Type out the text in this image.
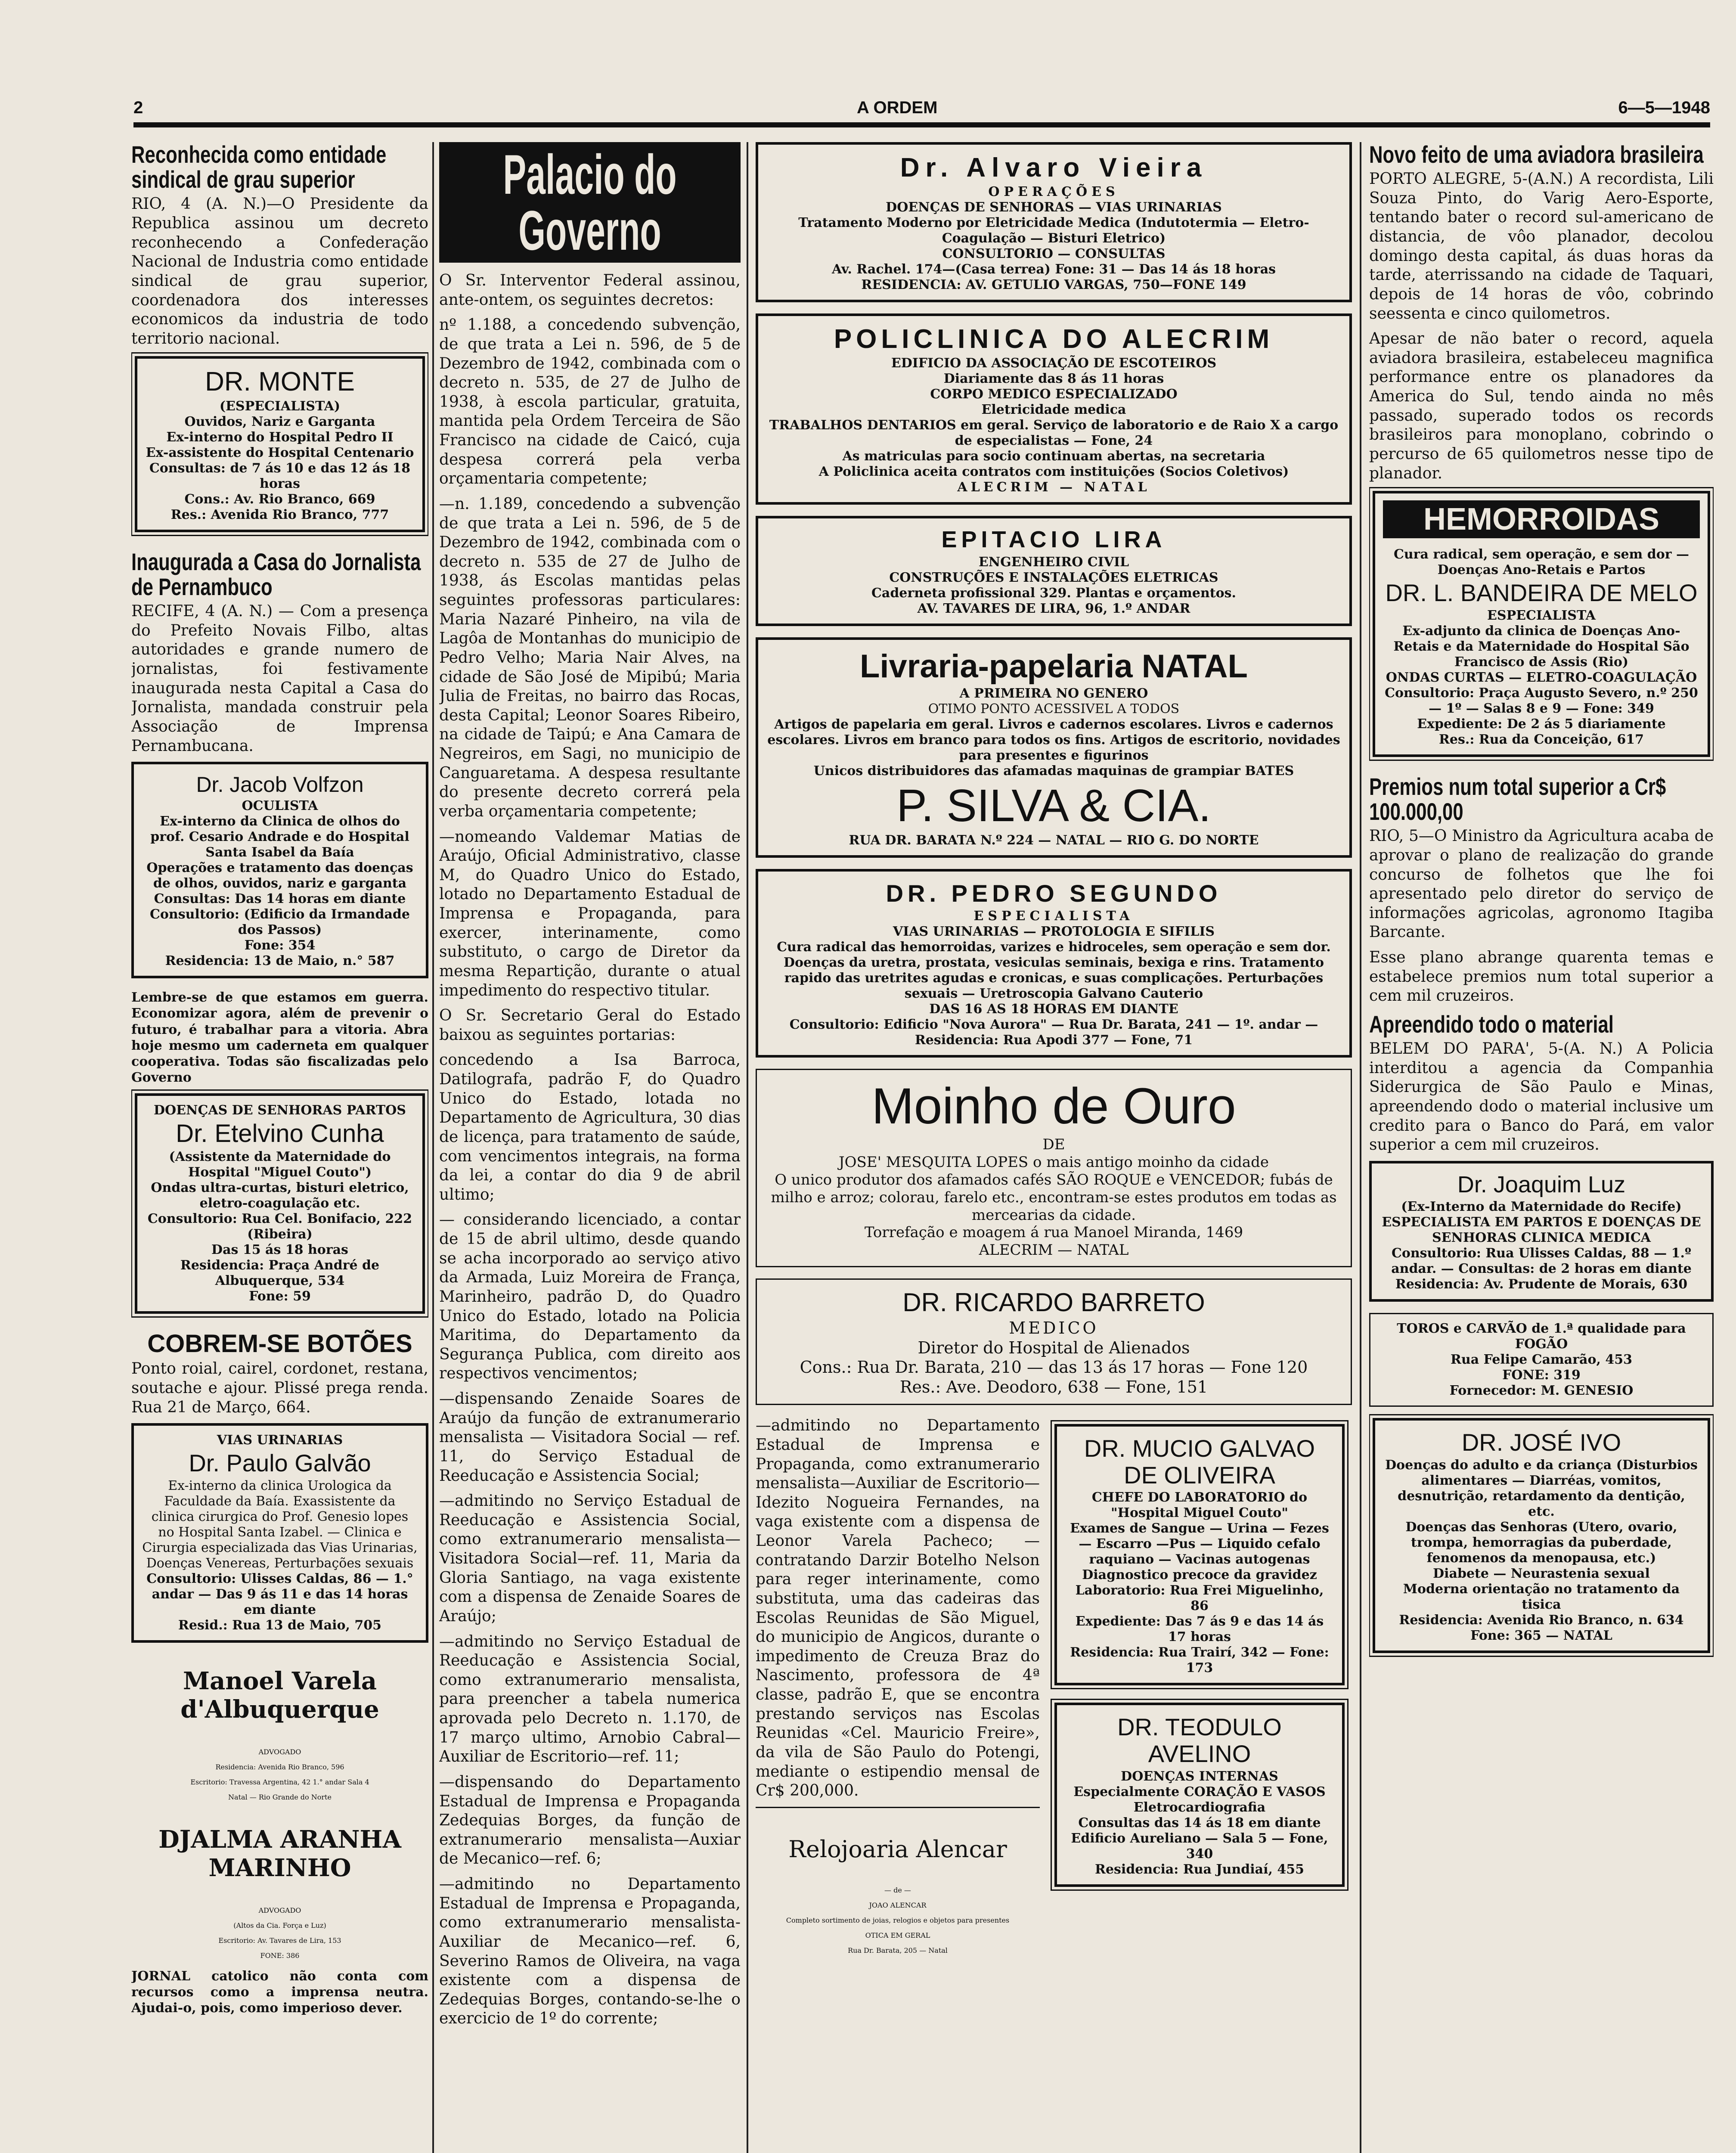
2	A ORDEM	6—5—1948

Reconhecida como entidade sindical de grau superior

RIO, 4 (A. N.)—O Presidente da Republica assinou um decreto reconhecendo a Confederação Nacional de Industria como entidade sindical de grau superior, coordenadora dos interesses economicos da industria de todo territorio nacional.

DR. MONTE

(ESPECIALISTA)

Ouvidos, Nariz e Garganta

Ex-interno do Hospital Pedro II

Ex-assistente do Hospital Centenario

Consultas: de 7 ás 10 e das 12 ás 18 horas

Cons.: Av. Rio Branco, 669

Res.: Avenida Rio Branco, 777

Inaugurada a Casa do Jornalista de Pernambuco

RECIFE, 4 (A. N.) — Com a presença do Prefeito Novais Filbo, altas autoridades e grande numero de jornalistas, foi festivamente inaugurada nesta Capital a Casa do Jornalista, mandada construir pela Associação de Imprensa Pernambucana.

Dr. Jacob Volfzon

OCULISTA

Ex-interno da Clinica de olhos do prof. Cesario Andrade e do Hospital Santa Isabel da Baía

Operações e tratamento das doenças de olhos, ouvidos, nariz e garganta

Consultas: Das 14 horas em diante

Consultorio: (Edificio da Irmandade dos Passos)

Fone: 354

Residencia: 13 de Maio, n.° 587

Lembre-se de que estamos em guerra. Economizar agora, além de prevenir o futuro, é trabalhar para a vitoria. Abra hoje mesmo um caderneta em qualquer cooperativa. Todas são fiscalizadas pelo Governo

DOENÇAS DE SENHORAS PARTOS

Dr. Etelvino Cunha

(Assistente da Maternidade do Hospital "Miguel Couto")

Ondas ultra-curtas, bisturi eletrico, eletro-coagulação etc.

Consultorio: Rua Cel. Bonifacio, 222 (Ribeira)

Das 15 ás 18 horas

Residencia: Praça André de Albuquerque, 534

Fone: 59

COBREM-SE BOTÕES

Ponto roial, cairel, cordonet, restana, soutache e ajour. Plissé prega renda. Rua 21 de Março, 664.

VIAS URINARIAS

Dr. Paulo Galvão

Ex-interno da clinica Urologica da Faculdade da Baía. Exassistente da clinica cirurgica do Prof. Genesio lopes no Hospital Santa Izabel. — Clinica e Cirurgia especializada das Vias Urinarias, Doenças Venereas, Perturbações sexuais

Consultorio: Ulisses Caldas, 86 — 1.° andar — Das 9 ás 11 e das 14 horas em diante

Resid.: Rua 13 de Maio, 705

Manoel Varela d'Albuquerque

ADVOGADO

Residencia: Avenida Rio Branco, 596

Escritorio: Travessa Argentina, 42 1.° andar Sala 4

Natal — Rio Grande do Norte

DJALMA ARANHA MARINHO

ADVOGADO

(Altos da Cia. Força e Luz)

Escritorio: Av. Tavares de Lira, 153

FONE: 386

JORNAL catolico não conta com recursos como a imprensa neutra. Ajudai-o, pois, como imperioso dever.

Palacio do Governo

O Sr. Interventor Federal assinou, ante-ontem, os seguintes decretos:

nº 1.188, a concedendo subvenção, de que trata a Lei n. 596, de 5 de Dezembro de 1942, combinada com o decreto n. 535, de 27 de Julho de 1938, à escola particular, gratuita, mantida pela Ordem Terceira de São Francisco na cidade de Caicó, cuja despesa correrá pela verba orçamentaria competente;

—n. 1.189, concedendo a subvenção de que trata a Lei n. 596, de 5 de Dezembro de 1942, combinada com o decreto n. 535 de 27 de Julho de 1938, ás Escolas mantidas pelas seguintes professoras particulares: Maria Nazaré Pinheiro, na vila de Lagôa de Montanhas do municipio de Pedro Velho; Maria Nair Alves, na cidade de São José de Mipibú; Maria Julia de Freitas, no bairro das Rocas, desta Capital; Leonor Soares Ribeiro, na cidade de Taipú; e Ana Camara de Negreiros, em Sagi, no municipio de Canguaretama. A despesa resultante do presente decreto correrá pela verba orçamentaria competente;

—nomeando Valdemar Matias de Araújo, Oficial Administrativo, classe M, do Quadro Unico do Estado, lotado no Departamento Estadual de Imprensa e Propaganda, para exercer, interinamente, como substituto, o cargo de Diretor da mesma Repartição, durante o atual impedimento do respectivo titular.

O Sr. Secretario Geral do Estado baixou as seguintes portarias:

concedendo a Isa Barroca, Datilografa, padrão F, do Quadro Unico do Estado, lotada no Departamento de Agricultura, 30 dias de licença, para tratamento de saúde, com vencimentos integrais, na forma da lei, a contar do dia 9 de abril ultimo;

— considerando licenciado, a contar de 15 de abril ultimo, desde quando se acha incorporado ao serviço ativo da Armada, Luiz Moreira de França, Marinheiro, padrão D, do Quadro Unico do Estado, lotado na Policia Maritima, do Departamento da Segurança Publica, com direito aos respectivos vencimentos;

—dispensando Zenaide Soares de Araújo da função de extranumerario mensalista — Visitadora Social — ref. 11, do Serviço Estadual de Reeducação e Assistencia Social;

—admitindo no Serviço Estadual de Reeducação e Assistencia Social, como extranumerario mensalista—Visitadora Social—ref. 11, Maria da Gloria Santiago, na vaga existente com a dispensa de Zenaide Soares de Araújo;

—admitindo no Serviço Estadual de Reeducação e Assistencia Social, como extranumerario mensalista, para preencher a tabela numerica aprovada pelo Decreto n. 1.170, de 17 março ultimo, Arnobio Cabral—Auxiliar de Escritorio—ref. 11;

—dispensando do Departamento Estadual de Imprensa e Propaganda Zedequias Borges, da função de extranumerario mensalista—Auxiar de Mecanico—ref. 6;

—admitindo no Departamento Estadual de Imprensa e Propaganda, como extranumerario mensalista- Auxiliar de Mecanico—ref. 6, Severino Ramos de Oliveira, na vaga existente com a dispensa de Zedequias Borges, contando-se-lhe o exercicio de 1º do corrente;

Dr. Alvaro Vieira

OPERAÇÕES

DOENÇAS DE SENHORAS — VIAS URINARIAS

Tratamento Moderno por Eletricidade Medica (Indutotermia — Eletro-Coagulação — Bisturi Eletrico)

CONSULTORIO — CONSULTAS

Av. Rachel. 174—(Casa terrea) Fone: 31 — Das 14 ás 18 horas

RESIDENCIA: AV. GETULIO VARGAS, 750—FONE 149

POLICLINICA DO ALECRIM

EDIFICIO DA ASSOCIAÇÃO DE ESCOTEIROS

Diariamente das 8 ás 11 horas

CORPO MEDICO ESPECIALIZADO

Eletricidade medica

TRABALHOS DENTARIOS em geral. Serviço de laboratorio e de Raio X a cargo de especialistas — Fone, 24

As matriculas para socio continuam abertas, na secretaria

A Policlinica aceita contratos com instituições (Socios Coletivos)

ALECRIM — NATAL

EPITACIO LIRA

ENGENHEIRO CIVIL

CONSTRUÇÕES E INSTALAÇÕES ELETRICAS

Caderneta profissional 329. Plantas e orçamentos.

AV. TAVARES DE LIRA, 96, 1.º ANDAR

Livraria-papelaria NATAL

A PRIMEIRA NO GENERO

OTIMO PONTO ACESSIVEL A TODOS

Artigos de papelaria em geral. Livros e cadernos escolares. Livros e cadernos escolares. Livros em branco para todos os fins. Artigos de escritorio, novidades para presentes e figurinos

Unicos distribuidores das afamadas maquinas de grampiar BATES

P. SILVA & CIA.

RUA DR. BARATA N.º 224 — NATAL — RIO G. DO NORTE

DR. PEDRO SEGUNDO

ESPECIALISTA

VIAS URINARIAS — PROTOLOGIA E SIFILIS

Cura radical das hemorroidas, varizes e hidroceles, sem operação e sem dor. Doenças da uretra, prostata, vesiculas seminais, bexiga e rins. Tratamento rapido das uretrites agudas e cronicas, e suas complicações. Perturbações sexuais — Uretroscopia Galvano Cauterio

DAS 16 AS 18 HORAS EM DIANTE

Consultorio: Edificio "Nova Aurora" — Rua Dr. Barata, 241 — 1º. andar — Residencia: Rua Apodi 377 — Fone, 71

Moinho de Ouro

DE

JOSE' MESQUITA LOPES o mais antigo moinho da cidade

O unico produtor dos afamados cafés SÃO ROQUE e VENCEDOR; fubás de milho e arroz; colorau, farelo etc., encontram-se estes produtos em todas as mercearias da cidade.

Torrefação e moagem á rua Manoel Miranda, 1469

ALECRIM — NATAL

DR. RICARDO BARRETO

MEDICO

Diretor do Hospital de Alienados

Cons.: Rua Dr. Barata, 210 — das 13 ás 17 horas — Fone 120

Res.: Ave. Deodoro, 638 — Fone, 151

—admitindo no Departamento Estadual de Imprensa e Propaganda, como extranumerario mensalista—Auxiliar de Escritorio—Idezito Nogueira Fernandes, na vaga existente com a dispensa de Leonor Varela Pacheco; —contratando Darzir Botelho Nelson para reger interinamente, como substituta, uma das cadeiras das Escolas Reunidas de São Miguel, do municipio de Angicos, durante o impedimento de Creuza Braz do Nascimento, professora de 4ª classe, padrão E, que se encontra prestando serviços nas Escolas Reunidas «Cel. Mauricio Freire», da vila de São Paulo do Potengi, mediante o estipendio mensal de Cr$ 200,000.

Relojoaria Alencar

— de —

JOAO ALENCAR

Completo sortimento de joias, relogios e objetos para presentes

OTICA EM GERAL

Rua Dr. Barata, 205 — Natal

DR. MUCIO GALVAO DE OLIVEIRA

CHEFE DO LABORATORIO do "Hospital Miguel Couto"

Exames de Sangue — Urina — Fezes — Escarro —Pus — Liquido cefalo raquiano — Vacinas autogenas

Diagnostico precoce da gravidez

Laboratorio: Rua Frei Miguelinho, 86

Expediente: Das 7 ás 9 e das 14 ás 17 horas

Residencia: Rua Trairí, 342 — Fone: 173

DR. TEODULO AVELINO

DOENÇAS INTERNAS

Especialmente CORAÇÃO E VASOS

Eletrocardiografia

Consultas das 14 ás 18 em diante

Edificio Aureliano — Sala 5 — Fone, 340

Residencia: Rua Jundiaí, 455

Novo feito de uma aviadora brasileira

PORTO ALEGRE, 5-(A.N.) A recordista, Lili Souza Pinto, do Varig Aero-Esporte, tentando bater o record sul-americano de distancia, de vôo planador, decolou domingo desta capital, ás duas horas da tarde, aterrissando na cidade de Taquari, depois de 14 horas de vôo, cobrindo seessenta e cinco quilometros.

Apesar de não bater o record, aquela aviadora brasileira, estabeleceu magnifica performance entre os planadores da America do Sul, tendo ainda no mês passado, superado todos os records brasileiros para monoplano, cobrindo o percurso de 65 quilometros nesse tipo de planador.

HEMORROIDAS

Cura radical, sem operação, e sem dor — Doenças Ano-Retais e Partos

DR. L. BANDEIRA DE MELO

ESPECIALISTA

Ex-adjunto da clinica de Doenças Ano-Retais e da Maternidade do Hospital São Francisco de Assis (Rio)

ONDAS CURTAS — ELETRO-COAGULAÇÃO

Consultorio: Praça Augusto Severo, n.º 250 — 1º — Salas 8 e 9 — Fone: 349

Expediente: De 2 ás 5 diariamente

Res.: Rua da Conceição, 617

Premios num total superior a Cr$ 100.000,00

RIO, 5—O Ministro da Agricultura acaba de aprovar o plano de realização do grande concurso de folhetos que lhe foi apresentado pelo diretor do serviço de informações agricolas, agronomo Itagiba Barcante.

Esse plano abrange quarenta temas e estabelece premios num total superior a cem mil cruzeiros.

Apreendido todo o material

BELEM DO PARA', 5-(A. N.) A Policia interditou a agencia da Companhia Siderurgica de São Paulo e Minas, apreendendo dodo o material inclusive um credito para o Banco do Pará, em valor superior a cem mil cruzeiros.

Dr. Joaquim Luz

(Ex-Interno da Maternidade do Recife)

ESPECIALISTA EM PARTOS E DOENÇAS DE SENHORAS CLINICA MEDICA

Consultorio: Rua Ulisses Caldas, 88 — 1.º andar. — Consultas: de 2 horas em diante

Residencia: Av. Prudente de Morais, 630

TOROS e CARVÃO de 1.ª qualidade para FOGÃO

Rua Felipe Camarão, 453

FONE: 319

Fornecedor: M. GENESIO

DR. JOSÉ IVO

Doenças do adulto e da criança (Disturbios alimentares — Diarréas, vomitos, desnutrição, retardamento da dentição, etc.

Doenças das Senhoras (Utero, ovario, trompa, hemorragias da puberdade, fenomenos da menopausa, etc.)

Diabete — Neurastenia sexual

Moderna orientação no tratamento da tisica

Residencia: Avenida Rio Branco, n. 634

Fone: 365 — NATAL
